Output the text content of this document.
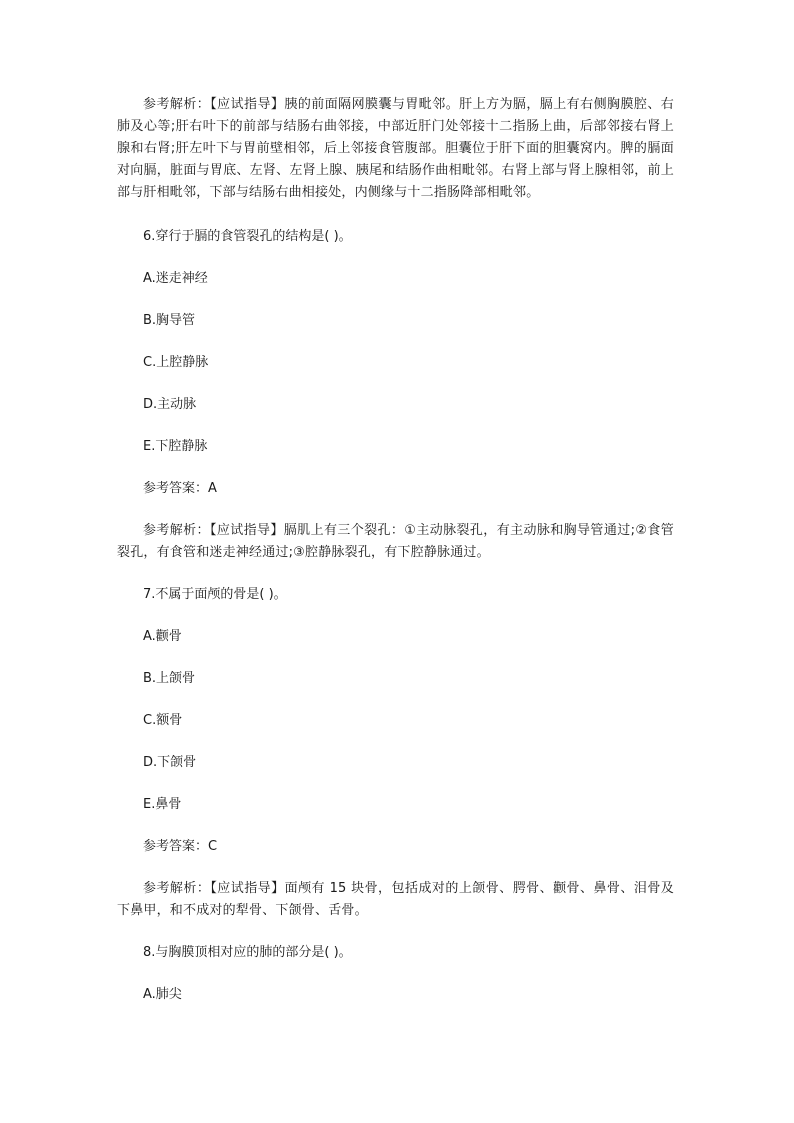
参考解析：【应试指导】胰的前面隔网膜囊与胃毗邻。肝上方为膈，膈上有右侧胸膜腔、右肺及心等;肝右叶下的前部与结肠右曲邻接，中部近肝门处邻接十二指肠上曲，后部邻接右肾上腺和右肾;肝左叶下与胃前壁相邻，后上邻接食管腹部。胆囊位于肝下面的胆囊窝内。脾的膈面对向膈，脏面与胃底、左肾、左肾上腺、胰尾和结肠作曲相毗邻。右肾上部与肾上腺相邻，前上部与肝相毗邻，下部与结肠右曲相接处，内侧缘与十二指肠降部相毗邻。

6.穿行于膈的食管裂孔的结构是( )。

A.迷走神经

B.胸导管

C.上腔静脉

D.主动脉

E.下腔静脉

参考答案：A

参考解析：【应试指导】膈肌上有三个裂孔：①主动脉裂孔，有主动脉和胸导管通过;②食管裂孔，有食管和迷走神经通过;③腔静脉裂孔，有下腔静脉通过。

7.不属于面颅的骨是( )。

A.颧骨

B.上颌骨

C.额骨

D.下颌骨

E.鼻骨

参考答案：C

参考解析：【应试指导】面颅有 15 块骨，包括成对的上颌骨、腭骨、颧骨、鼻骨、泪骨及下鼻甲，和不成对的犁骨、下颌骨、舌骨。

8.与胸膜顶相对应的肺的部分是( )。

A.肺尖
